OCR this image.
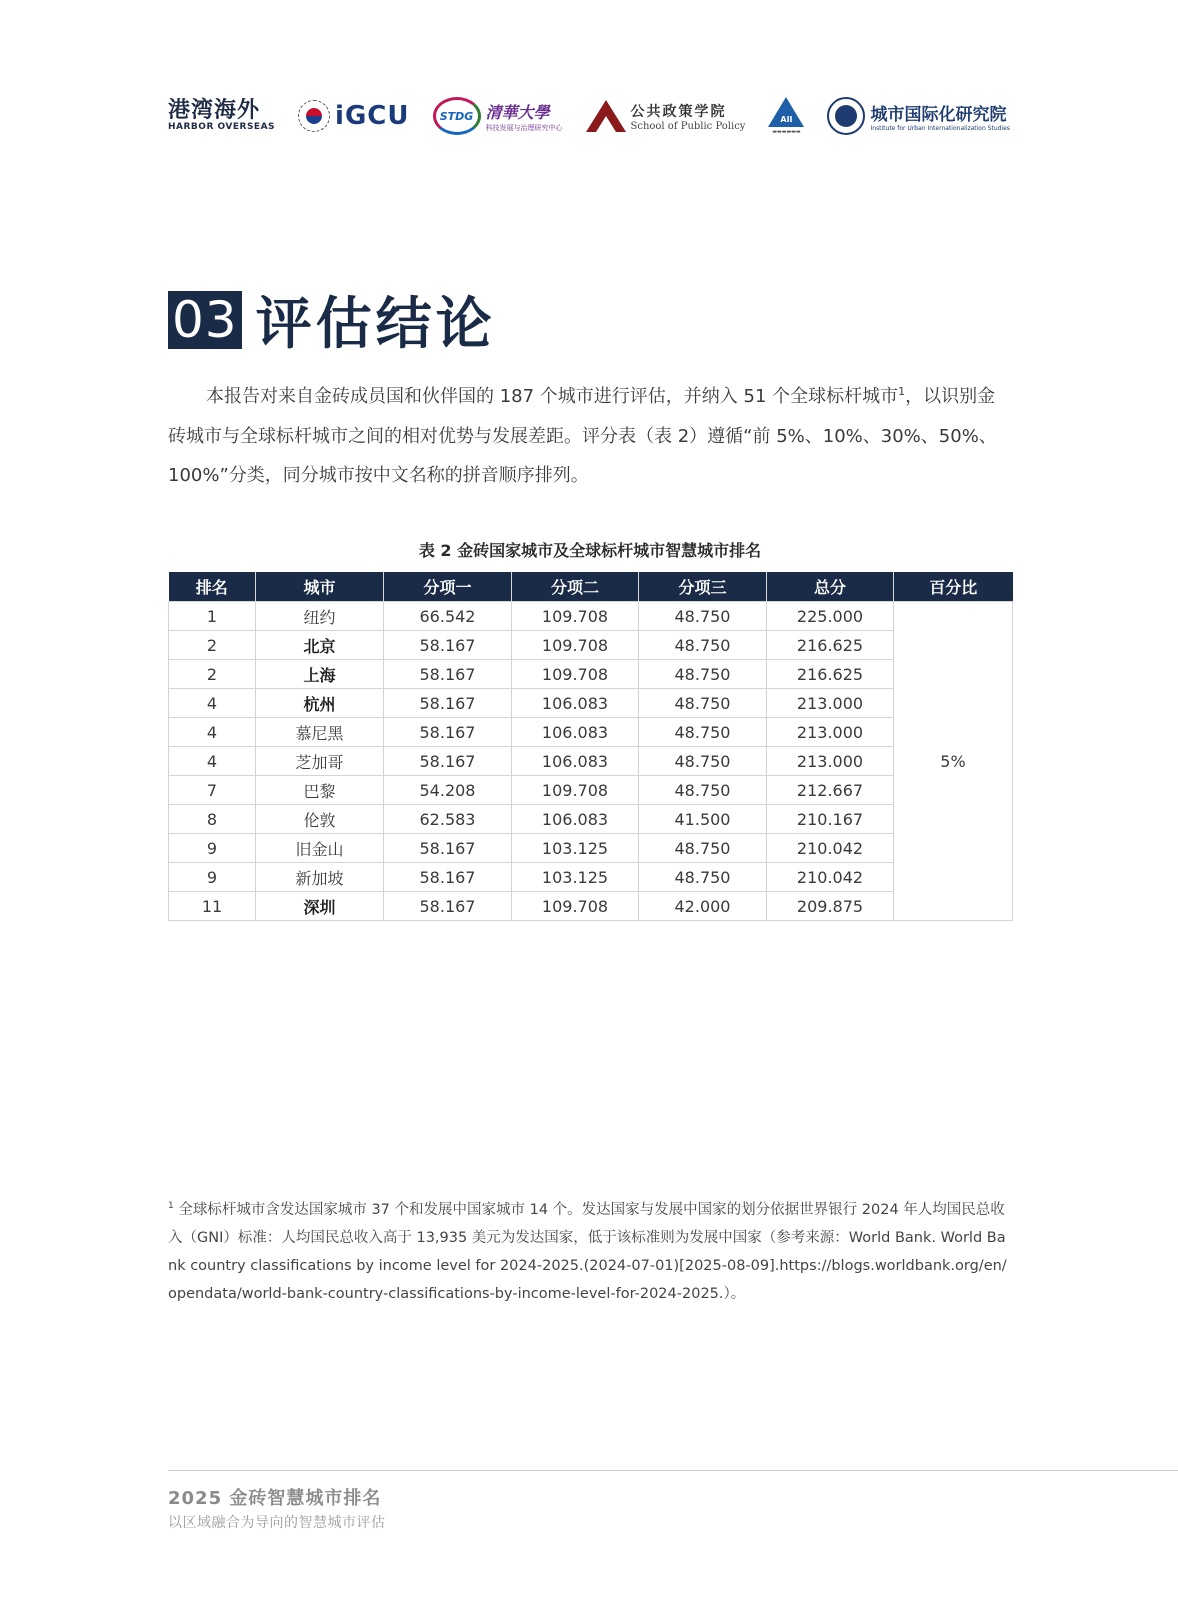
港湾海外
HARBOR OVERSEAS iGCU	STDG 清華大學
科技发展与治理研究中心
公共政策学院
School of Public Policy
AII
▬▬▬▬▬▬
城市国际化研究院
Institute for Urban Internationalization Studies
03 评估结论

本报告对来自金砖成员国和伙伴国的 187 个城市进行评估，并纳入 51 个全球标杆城市$^1$，以识别金砖城市与全球标杆城市之间的相对优势与发展差距。评分表（表 2）遵循“前 5%、10%、30%、50%、100%”分类，同分城市按中文名称的拼音顺序排列。

表 2 金砖国家城市及全球标杆城市智慧城市排名
排名	城市	分项一	分项二	分项三	总分	百分比
1	纽约	66.542	109.708	48.750	225.000	5%
2	北京	58.167	109.708	48.750	216.625	
2	上海	58.167	109.708	48.750	216.625	
4	杭州	58.167	106.083	48.750	213.000	
4	慕尼黑	58.167	106.083	48.750	213.000	
4	芝加哥	58.167	106.083	48.750	213.000	
7	巴黎	54.208	109.708	48.750	212.667	
8	伦敦	62.583	106.083	41.500	210.167	
9	旧金山	58.167	103.125	48.750	210.042	
9	新加坡	58.167	103.125	48.750	210.042	
11	深圳	58.167	109.708	42.000	209.875	
$^1$ 全球标杆城市含发达国家城市 37 个和发展中国家城市 14 个。发达国家与发展中国家的划分依据世界银行 2024 年人均国民总收入（GNI）标准：人均国民总收入高于 13,935 美元为发达国家，低于该标准则为发展中国家（参考来源：World Bank. World Bank country classifications by income level for 2024-2025.(2024-07-01)[2025-08-09].https://blogs.worldbank.org/en/opendata/world-bank-country-classifications-by-income-level-for-2024-2025.）。
2025 金砖智慧城市排名
以区域融合为导向的智慧城市评估
